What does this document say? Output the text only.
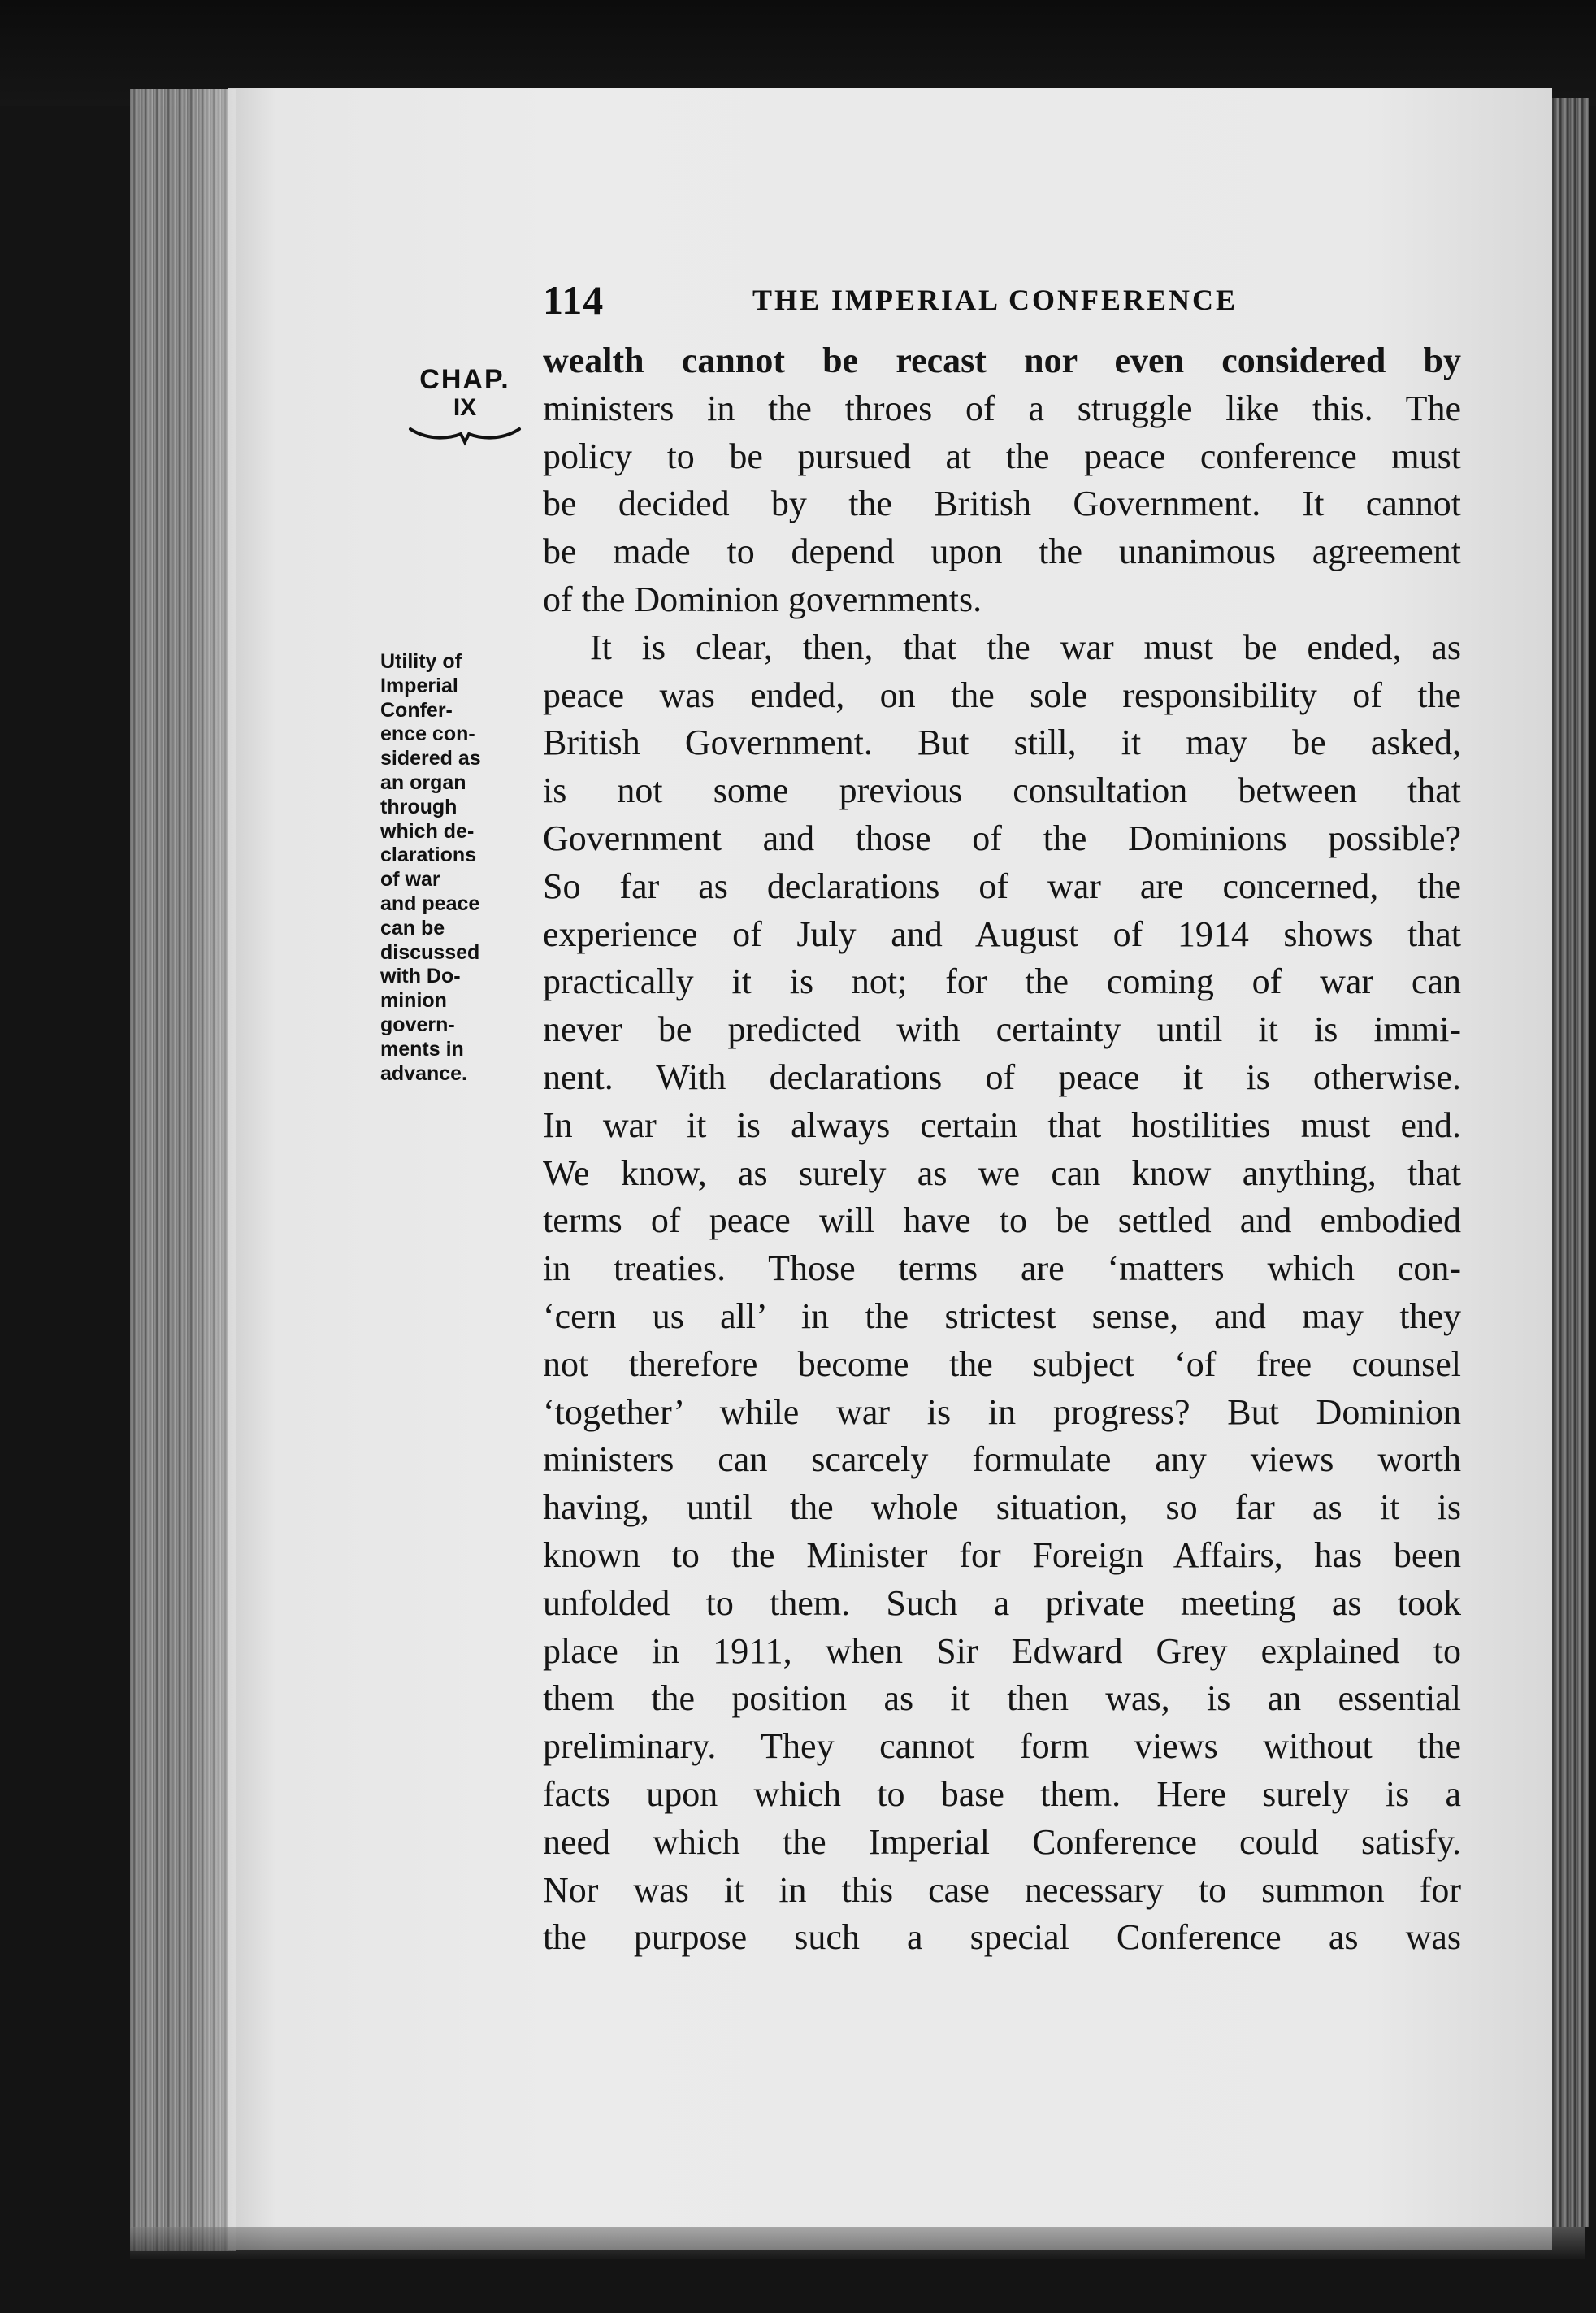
114	THE IMPERIAL CONFERENCE
CHAP.
IX
Utility of
Imperial
Confer-
ence con-
sidered as
an organ
through
which de-
clarations
of war
and peace
can be
discussed
with Do-
minion
govern-
ments in
advance.
wealth cannot be recast nor even considered by
ministers in the throes of a struggle like this. The
policy to be pursued at the peace conference must
be decided by the British Government. It cannot
be made to depend upon the unanimous agreement
of the Dominion governments.
It is clear, then, that the war must be ended, as
peace was ended, on the sole responsibility of the
British Government. But still, it may be asked,
is not some previous consultation between that
Government and those of the Dominions possible?
So far as declarations of war are concerned, the
experience of July and August of 1914 shows that
practically it is not; for the coming of war can
never be predicted with certainty until it is immi-
nent. With declarations of peace it is otherwise.
In war it is always certain that hostilities must end.
We know, as surely as we can know anything, that
terms of peace will have to be settled and embodied
in treaties. Those terms are ‘matters which con-
‘cern us all’ in the strictest sense, and may they
not therefore become the subject ‘of free counsel
‘together’ while war is in progress? But Dominion
ministers can scarcely formulate any views worth
having, until the whole situation, so far as it is
known to the Minister for Foreign Affairs, has been
unfolded to them. Such a private meeting as took
place in 1911, when Sir Edward Grey explained to
them the position as it then was, is an essential
preliminary. They cannot form views without the
facts upon which to base them. Here surely is a
need which the Imperial Conference could satisfy.
Nor was it in this case necessary to summon for
the purpose such a special Conference as was
